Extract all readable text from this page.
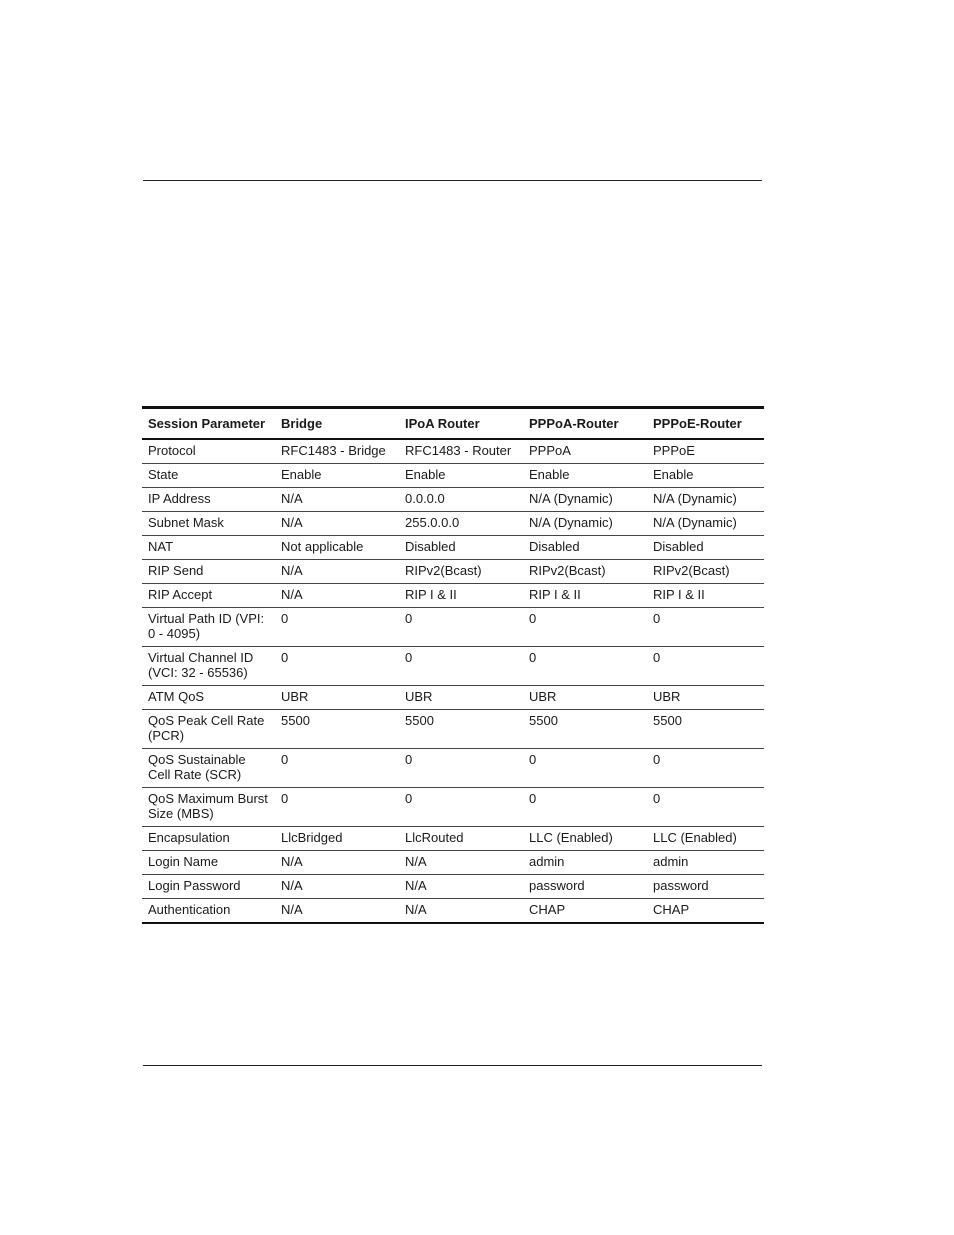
Session Parameter	Bridge	IPoA Router	PPPoA-Router	PPPoE-Router
Protocol	RFC1483 - Bridge	RFC1483 - Router	PPPoA	PPPoE
State	Enable	Enable	Enable	Enable
IP Address	N/A	0.0.0.0	N/A (Dynamic)	N/A (Dynamic)
Subnet Mask	N/A	255.0.0.0	N/A (Dynamic)	N/A (Dynamic)
NAT	Not applicable	Disabled	Disabled	Disabled
RIP Send	N/A	RIPv2(Bcast)	RIPv2(Bcast)	RIPv2(Bcast)
RIP Accept	N/A	RIP I & II	RIP I & II	RIP I & II
Virtual Path ID (VPI: 0 - 4095)	0	0	0	0
Virtual Channel ID (VCI: 32 - 65536)	0	0	0	0
ATM QoS	UBR	UBR	UBR	UBR
QoS Peak Cell Rate (PCR)	5500	5500	5500	5500
QoS Sustainable Cell Rate (SCR)	0	0	0	0
QoS Maximum Burst Size (MBS)	0	0	0	0
Encapsulation	LlcBridged	LlcRouted	LLC (Enabled)	LLC (Enabled)
Login Name	N/A	N/A	admin	admin
Login Password	N/A	N/A	password	password
Authentication	N/A	N/A	CHAP	CHAP
